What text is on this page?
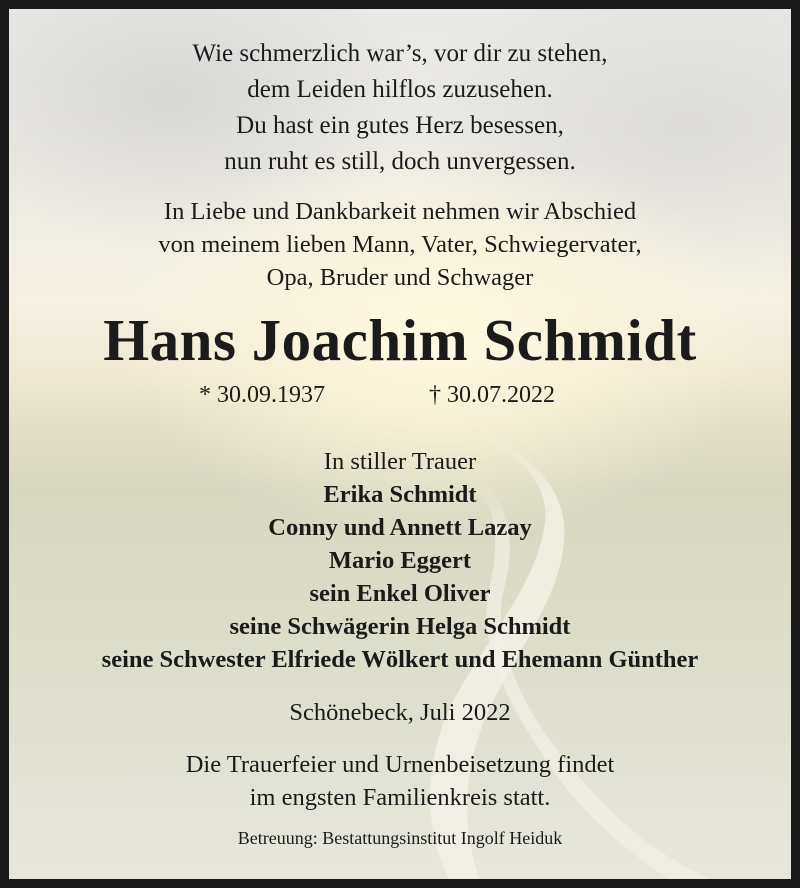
Wie schmerzlich war’s, vor dir zu stehen,
dem Leiden hilflos zuzusehen.
Du hast ein gutes Herz besessen,
nun ruht es still, doch unvergessen.
In Liebe und Dankbarkeit nehmen wir Abschied
von meinem lieben Mann, Vater, Schwiegervater,
Opa, Bruder und Schwager
Hans Joachim Schmidt
* 30.09.1937	† 30.07.2022
In stiller Trauer
Erika Schmidt
Conny und Annett Lazay
Mario Eggert
sein Enkel Oliver
seine Schwägerin Helga Schmidt
seine Schwester Elfriede Wölkert und Ehemann Günther
Schönebeck, Juli 2022
Die Trauerfeier und Urnenbeisetzung findet
im engsten Familienkreis statt.
Betreuung: Bestattungsinstitut Ingolf Heiduk
